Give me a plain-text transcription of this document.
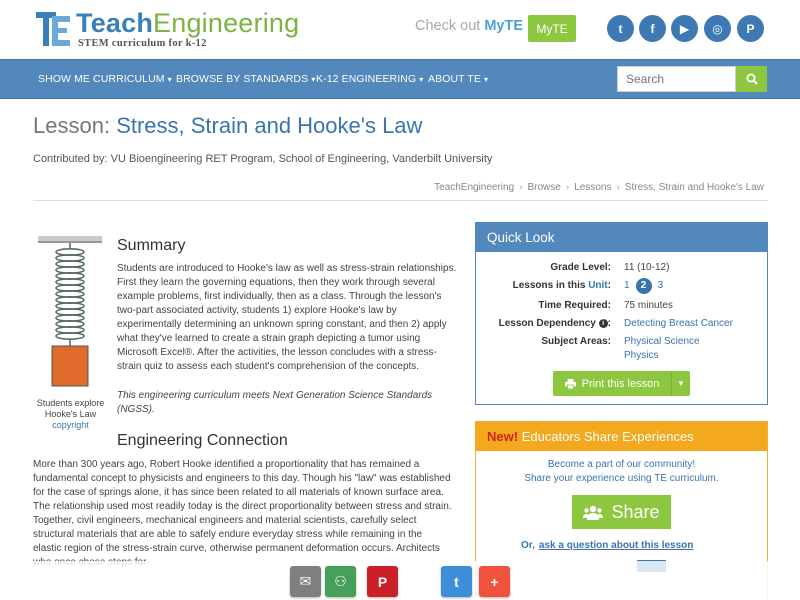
TeachEngineering
STEM curriculum for k-12
Check out MyTE	MyTE	t	f	▶	◎	P
SHOW ME CURRICULUM ▾ BROWSE BY STANDARDS ▾ K-12 ENGINEERING ▾ ABOUT TE ▾
Search
Lesson: Stress, Strain and Hooke's Law
Contributed by: VU Bioengineering RET Program, School of Engineering, Vanderbilt University
TeachEngineering › Browse › Lessons › Stress, Strain and Hooke's Law
Students explore Hooke's Law
copyright
Summary

Students are introduced to Hooke's law as well as stress-strain relationships. First they learn the governing equations, then they work through several example problems, first individually, then as a class. Through the lesson's two-part associated activity, students 1) explore Hooke's law by experimentally determining an unknown spring constant, and then 2) apply what they've learned to create a strain graph depicting a tumor using Microsoft Excel®. After the activities, the lesson concludes with a stress-strain quiz to assess each student's comprehension of the concepts.

This engineering curriculum meets Next Generation Science Standards (NGSS).

Engineering Connection

More than 300 years ago, Robert Hooke identified a proportionality that has remained a fundamental concept to physicists and engineers to this day. Though his "law" was established for the case of springs alone, it has since been related to all materials of known surface area. The relationship used most readily today is the direct proportionality between stress and strain. Together, civil engineers, mechanical engineers and material scientists, carefully select structural materials that are able to safely endure everyday stress while remaining in the elastic region of the stress-strain curve, otherwise permanent deformation occurs. Architects

Quick Look
Grade Level: 11 (10-12)
Lessons in this Unit: 1 2 3
Time Required: 75 minutes
Lesson Dependency i : Detecting Breast Cancer
Subject Areas: Physical Science
Physics
Print this lesson	▼
New! Educators Share Experiences
Become a part of our community!
Share your experience using TE curriculum.
Share
Or, ask a question about this lesson
✉	⚇	P	t	+
